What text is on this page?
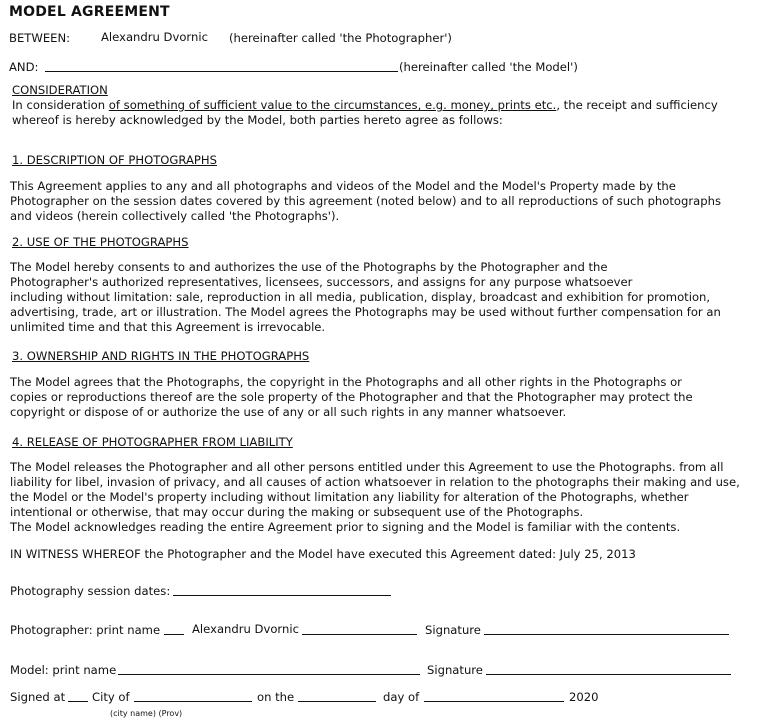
MODEL AGREEMENT
BETWEEN:	Alexandru Dvornic (hereinafter called 'the Photographer')
AND:	(hereinafter called 'the Model')
CONSIDERATION
In consideration of something of sufficient value to the circumstances, e.g. money, prints etc., the receipt and sufficiency
whereof is hereby acknowledged by the Model, both parties hereto agree as follows:
1. DESCRIPTION OF PHOTOGRAPHS

This Agreement applies to any and all photographs and videos of the Model and the Model's Property made by the
Photographer on the session dates covered by this agreement (noted below) and to all reproductions of such photographs
and videos (herein collectively called 'the Photographs').

2. USE OF THE PHOTOGRAPHS

The Model hereby consents to and authorizes the use of the Photographs by the Photographer and the
Photographer's authorized representatives, licensees, successors, and assigns for any purpose whatsoever
including without limitation: sale, reproduction in all media, publication, display, broadcast and exhibition for promotion,
advertising, trade, art or illustration. The Model agrees the Photographs may be used without further compensation for an
unlimited time and that this Agreement is irrevocable.

3. OWNERSHIP AND RIGHTS IN THE PHOTOGRAPHS

The Model agrees that the Photographs, the copyright in the Photographs and all other rights in the Photographs or
copies or reproductions thereof are the sole property of the Photographer and that the Photographer may protect the
copyright or dispose of or authorize the use of any or all such rights in any manner whatsoever.

4. RELEASE OF PHOTOGRAPHER FROM LIABILITY

The Model releases the Photographer and all other persons entitled under this Agreement to use the Photographs. from all
liability for libel, invasion of privacy, and all causes of action whatsoever in relation to the photographs their making and use,
the Model or the Model's property including without limitation any liability for alteration of the Photographs, whether
intentional or otherwise, that may occur during the making or subsequent use of the Photographs.
The Model acknowledges reading the entire Agreement prior to signing and the Model is familiar with the contents.

IN WITNESS WHEREOF the Photographer and the Model have executed this Agreement dated: July 25, 2013
Photography session dates:
Photographer: print name	Alexandru Dvornic	Signature
Model: print name	Signature
Signed at City of	on the	day of	2020
(city name) (Prov)
